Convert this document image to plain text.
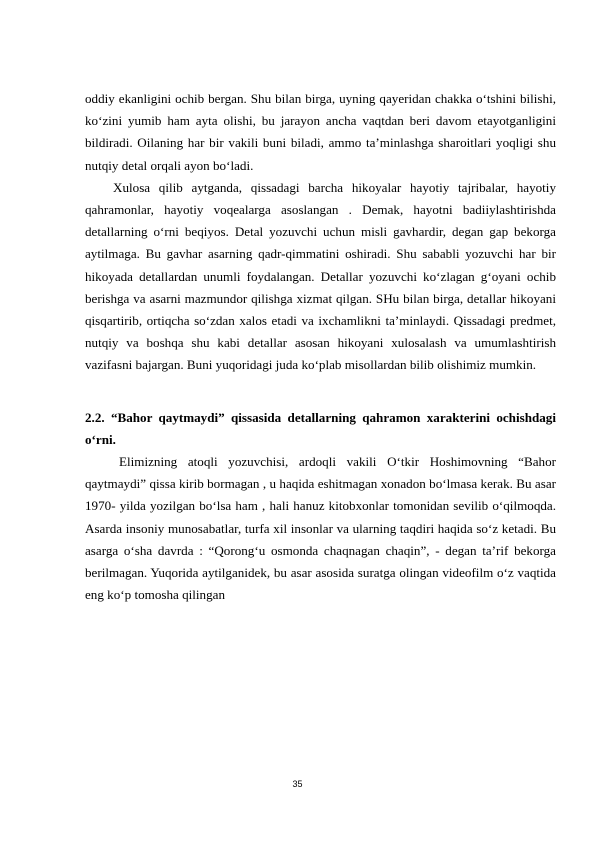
oddiy ekanligini ochib bergan. Shu bilan birga, uyning qayeridan chakka o‘tshini bilishi, ko‘zini yumib ham ayta olishi, bu jarayon ancha vaqtdan beri davom etayotganligini bildiradi. Oilaning har bir vakili buni biladi, ammo ta’minlashga sharoitlari yoqligi shu nutqiy detal orqali ayon bo‘ladi.

Xulosa qilib aytganda, qissadagi barcha hikoyalar hayotiy tajribalar, hayotiy qahramonlar, hayotiy voqealarga asoslangan . Demak, hayotni badiiylashtirishda detallarning o‘rni beqiyos. Detal yozuvchi uchun misli gavhardir, degan gap bekorga aytilmaga. Bu gavhar asarning qadr-qimmatini oshiradi. Shu sababli yozuvchi har bir hikoyada detallardan unumli foydalangan. Detallar yozuvchi ko‘zlagan g‘oyani ochib berishga va asarni mazmundor qilishga xizmat qilgan. SHu bilan birga, detallar hikoyani qisqartirib, ortiqcha so‘zdan xalos etadi va ixchamlikni ta’minlaydi. Qissadagi predmet, nutqiy va boshqa shu kabi detallar asosan hikoyani xulosalash va umumlashtirish vazifasni bajargan. Buni yuqoridagi juda ko‘plab misollardan bilib olishimiz mumkin.

2.2. “Bahor qaytmaydi” qissasida detallarning qahramon xarakterini ochishdagi o‘rni.

Elimizning atoqli yozuvchisi, ardoqli vakili O‘tkir Hoshimovning “Bahor qaytmaydi” qissa kirib bormagan , u haqida eshitmagan xonadon bo‘lmasa kerak. Bu asar 1970- yilda yozilgan bo‘lsa ham , hali hanuz kitobxonlar tomonidan sevilib o‘qilmoqda. Asarda insoniy munosabatlar, turfa xil insonlar va ularning taqdiri haqida so‘z ketadi. Bu asarga o‘sha davrda : “Qorong‘u osmonda chaqnagan chaqin”, - degan ta’rif bekorga berilmagan. Yuqorida aytilganidek, bu asar asosida suratga olingan videofilm o‘z vaqtida eng ko‘p tomosha qilingan

35
